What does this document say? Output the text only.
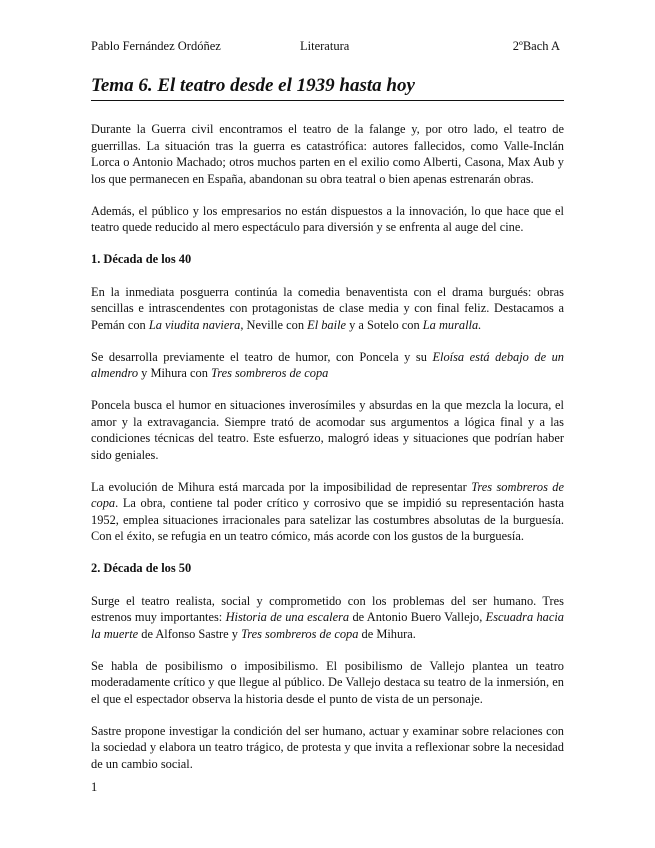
Pablo Fernández Ordóñez	Literatura	2ºBach A
Tema 6. El teatro desde el 1939 hasta hoy

Durante la Guerra civil encontramos el teatro de la falange y, por otro lado, el teatro de guerrillas. La situación tras la guerra es catastrófica: autores fallecidos, como Valle-Inclán Lorca o Antonio Machado; otros muchos parten en el exilio como Alberti, Casona, Max Aub y los que permanecen en España, abandonan su obra teatral o bien apenas estrenarán obras.

Además, el público y los empresarios no están dispuestos a la innovación, lo que hace que el teatro quede reducido al mero espectáculo para diversión y se enfrenta al auge del cine.

1. Década de los 40

En la inmediata posguerra continúa la comedia benaventista con el drama burgués: obras sencillas e intrascendentes con protagonistas de clase media y con final feliz. Destacamos a Pemán con La viudita naviera, Neville con El baile y a Sotelo con La muralla.

Se desarrolla previamente el teatro de humor, con Poncela y su Eloísa está debajo de un almendro y Mihura con Tres sombreros de copa

Poncela busca el humor en situaciones inverosímiles y absurdas en la que mezcla la locura, el amor y la extravagancia. Siempre trató de acomodar sus argumentos a lógica final y a las condiciones técnicas del teatro. Este esfuerzo, malogró ideas y situaciones que podrían haber sido geniales.

La evolución de Mihura está marcada por la imposibilidad de representar Tres sombreros de copa. La obra, contiene tal poder crítico y corrosivo que se impidió su representación hasta 1952, emplea situaciones irracionales para satelizar las costumbres absolutas de la burguesía. Con el éxito, se refugia en un teatro cómico, más acorde con los gustos de la burguesía.

2. Década de los 50

Surge el teatro realista, social y comprometido con los problemas del ser humano. Tres estrenos muy importantes: Historia de una escalera de Antonio Buero Vallejo, Escuadra hacia la muerte de Alfonso Sastre y Tres sombreros de copa de Mihura.

Se habla de posibilismo o imposibilismo. El posibilismo de Vallejo plantea un teatro moderadamente crítico y que llegue al público. De Vallejo destaca su teatro de la inmersión, en el que el espectador observa la historia desde el punto de vista de un personaje.

Sastre propone investigar la condición del ser humano, actuar y examinar sobre relaciones con la sociedad y elabora un teatro trágico, de protesta y que invita a reflexionar sobre la necesidad de un cambio social.

1
